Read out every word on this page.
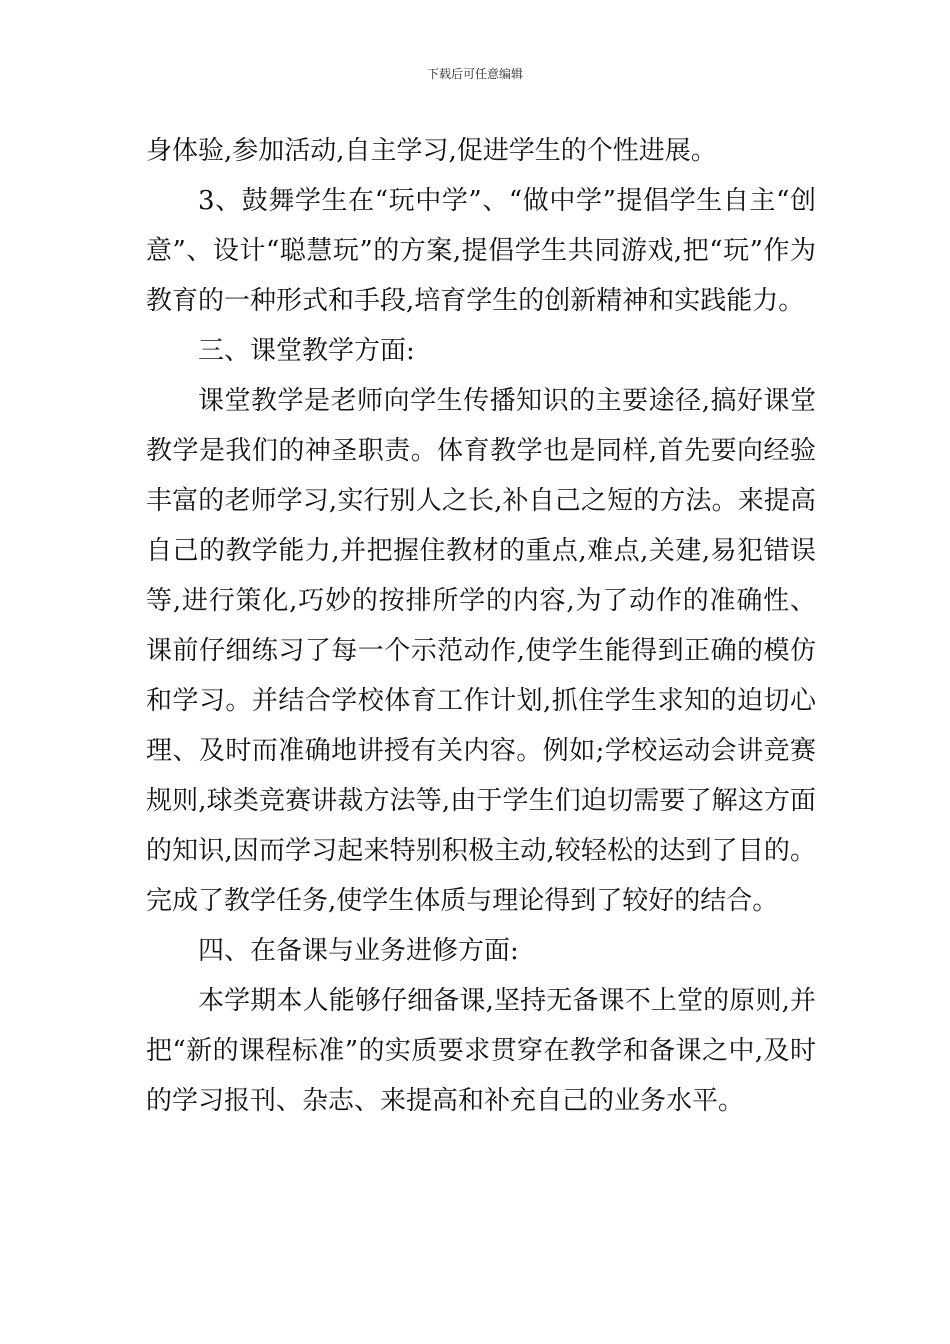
下载后可任意编辑

身体验,参加活动,自主学习,促进学生的个性进展。

3、鼓舞学生在“玩中学”、“做中学”提倡学生自主“创意”、设计“聪慧玩”的方案,提倡学生共同游戏,把“玩”作为教育的一种形式和手段,培育学生的创新精神和实践能力。

三、课堂教学方面:

课堂教学是老师向学生传播知识的主要途径,搞好课堂教学是我们的神圣职责。体育教学也是同样,首先要向经验丰富的老师学习,实行别人之长,补自己之短的方法。来提高自己的教学能力,并把握住教材的重点,难点,关建,易犯错误等,进行策化,巧妙的按排所学的内容,为了动作的准确性、课前仔细练习了每一个示范动作,使学生能得到正确的模仿和学习。并结合学校体育工作计划,抓住学生求知的迫切心理、及时而准确地讲授有关内容。例如;学校运动会讲竞赛规则,球类竞赛讲裁方法等,由于学生们迫切需要了解这方面的知识,因而学习起来特别积极主动,较轻松的达到了目的。完成了教学任务,使学生体质与理论得到了较好的结合。

四、在备课与业务进修方面:

本学期本人能够仔细备课,坚持无备课不上堂的原则,并把“新的课程标准”的实质要求贯穿在教学和备课之中,及时的学习报刊、杂志、来提高和补充自己的业务水平。
